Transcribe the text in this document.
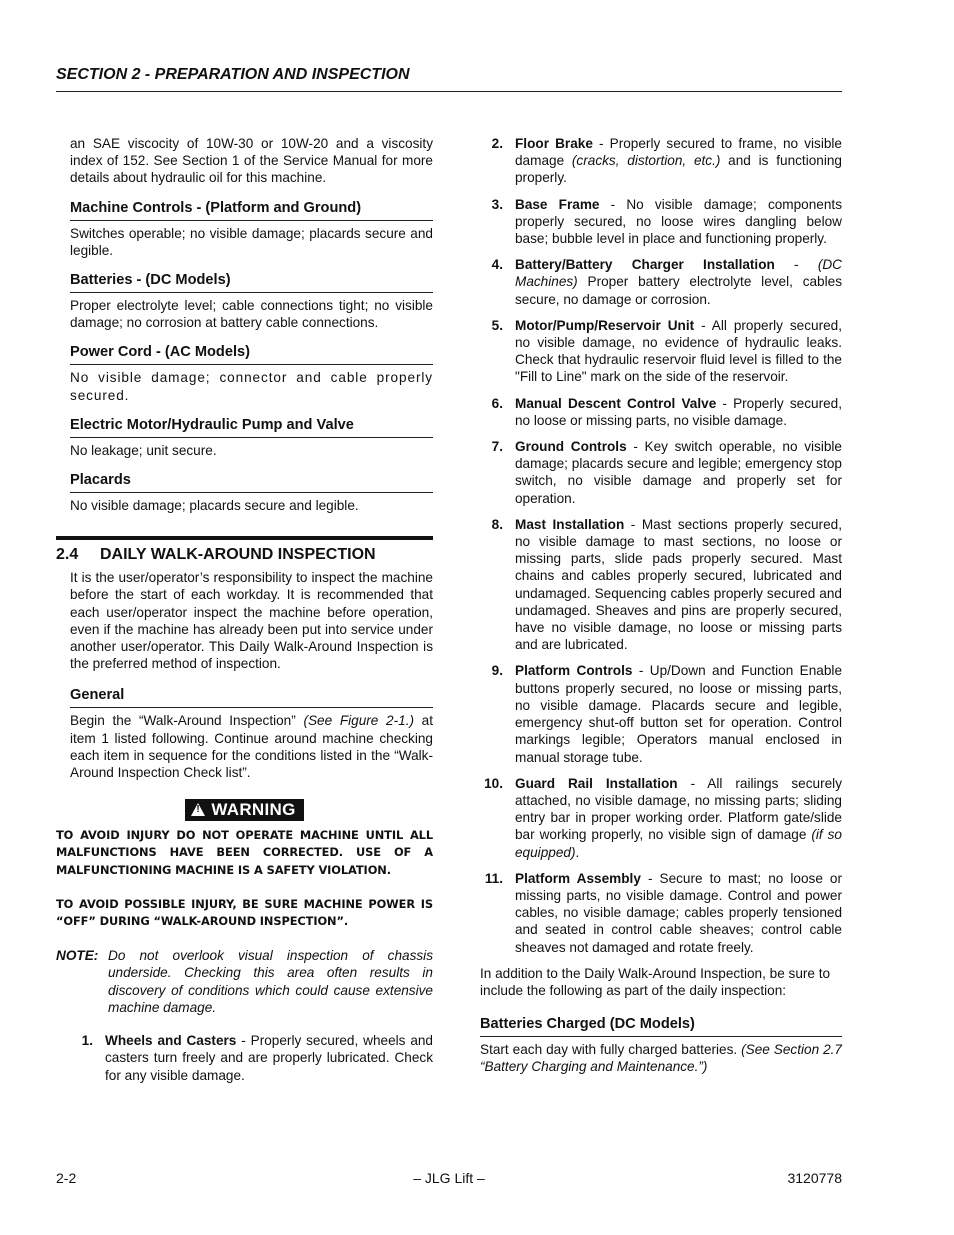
SECTION 2 - PREPARATION AND INSPECTION

an SAE viscocity of 10W-30 or 10W-20 and a viscosity index of 152. See Section 1 of the Service Manual for more details about hydraulic oil for this machine.

Machine Controls - (Platform and Ground)

Switches operable; no visible damage; placards secure and legible.

Batteries - (DC Models)

Proper electrolyte level; cable connections tight; no visible damage; no corrosion at battery cable connections.

Power Cord - (AC Models)

No visible damage; connector and cable properly secured.

Electric Motor/Hydraulic Pump and Valve

No leakage; unit secure.

Placards

No visible damage; placards secure and legible.

2.4 DAILY WALK-AROUND INSPECTION

It is the user/operator’s responsibility to inspect the machine before the start of each workday. It is recommended that each user/operator inspect the machine before operation, even if the machine has already been put into service under another user/operator. This Daily Walk-Around Inspection is the preferred method of inspection.

General

Begin the “Walk-Around Inspection” (See Figure 2-1.) at item 1 listed following. Continue around machine checking each item in sequence for the conditions listed in the “Walk-Around Inspection Check list”.

!WARNING

TO AVOID INJURY DO NOT OPERATE MACHINE UNTIL ALL MALFUNCTIONS HAVE BEEN CORRECTED. USE OF A MALFUNCTIONING MACHINE IS A SAFETY VIOLATION.

TO AVOID POSSIBLE INJURY, BE SURE MACHINE POWER IS “OFF” DURING “WALK-AROUND INSPECTION”.

NOTE: Do not overlook visual inspection of chassis underside. Checking this area often results in discovery of conditions which could cause extensive machine damage.
1. Wheels and Casters - Properly secured, wheels and casters turn freely and are properly lubricated. Check for any visible damage.
2. Floor Brake - Properly secured to frame, no visible damage (cracks, distortion, etc.) and is functioning properly.
3. Base Frame - No visible damage; components properly secured, no loose wires dangling below base; bubble level in place and functioning properly.
4. Battery/Battery Charger Installation - (DC Machines) Proper battery electrolyte level, cables secure, no damage or corrosion.
5. Motor/Pump/Reservoir Unit - All properly secured, no visible damage, no evidence of hydraulic leaks. Check that hydraulic reservoir fluid level is filled to the "Fill to Line" mark on the side of the reservoir.
6. Manual Descent Control Valve - Properly secured, no loose or missing parts, no visible damage.
7. Ground Controls - Key switch operable, no visible damage; placards secure and legible; emergency stop switch, no visible damage and properly set for operation.
8. Mast Installation - Mast sections properly secured, no visible damage to mast sections, no loose or missing parts, slide pads properly secured. Mast chains and cables properly secured, lubricated and undamaged. Sequencing cables properly secured and undamaged. Sheaves and pins are properly secured, have no visible damage, no loose or missing parts and are lubricated.
9. Platform Controls - Up/Down and Function Enable buttons properly secured, no loose or missing parts, no visible damage. Placards secure and legible, emergency shut-off button set for operation. Control markings legible; Operators manual enclosed in manual storage tube.
10. Guard Rail Installation - All railings securely attached, no visible damage, no missing parts; sliding entry bar in proper working order. Platform gate/slide bar working properly, no visible sign of damage (if so equipped).
11. Platform Assembly - Secure to mast; no loose or missing parts, no visible damage. Control and power cables, no visible damage; cables properly tensioned and seated in control cable sheaves; control cable sheaves not damaged and rotate freely.

In addition to the Daily Walk-Around Inspection, be sure to include the following as part of the daily inspection:

Batteries Charged (DC Models)

Start each day with fully charged batteries. (See Section 2.7 “Battery Charging and Maintenance.”)

2-2	– JLG Lift –	3120778
